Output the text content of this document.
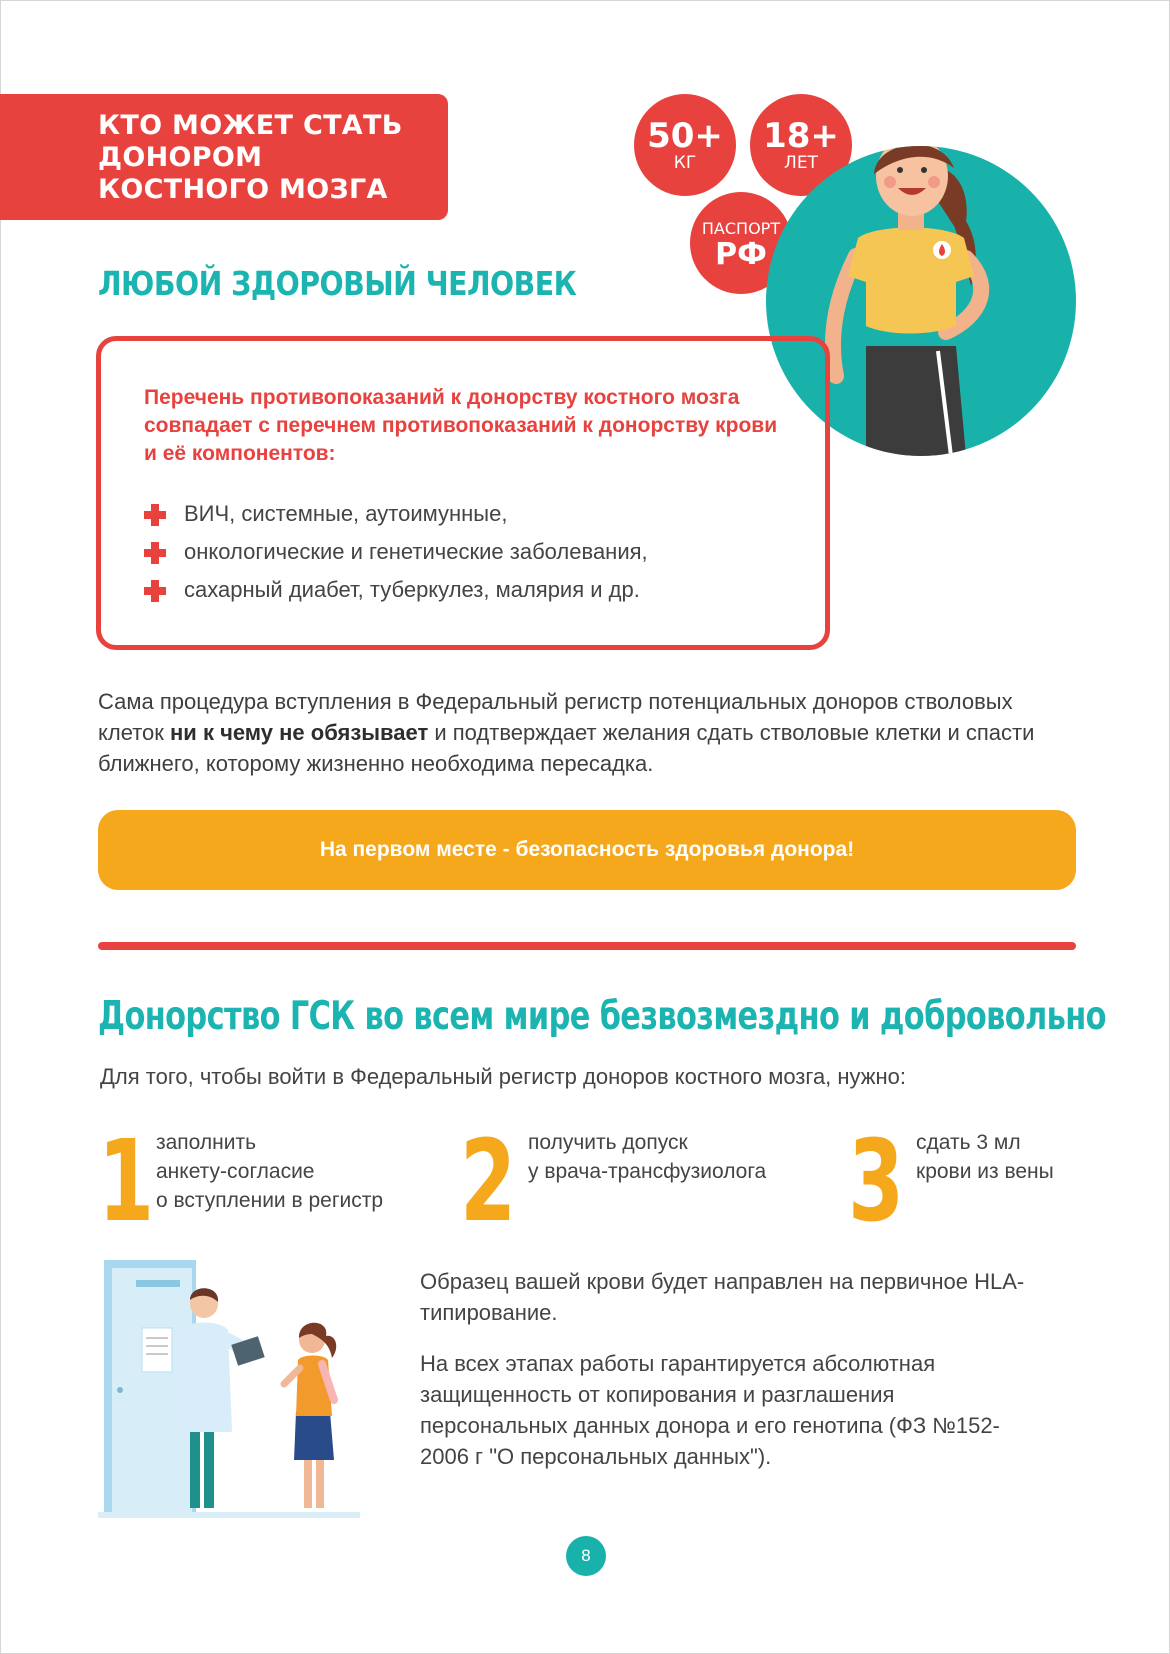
КТО МОЖЕТ СТАТЬ ДОНОРОМ КОСТНОГО МОЗГА
50+
КГ
18+
ЛЕТ
ПАСПОРТ
РФ
ЛЮБОЙ ЗДОРОВЫЙ ЧЕЛОВЕК
Перечень противопоказаний к донорству костного мозга совпадает с перечнем противопоказаний к донорству крови и её компонентов:
ВИЧ, системные, аутоимунные,
онкологические и генетические заболевания,
сахарный диабет, туберкулез, малярия и др.
Сама процедура вступления в Федеральный регистр потенциальных доноров стволовых клеток ни к чему не обязывает и подтверждает желания сдать стволовые клетки и спасти ближнего, которому жизненно необходима пересадка.
На первом месте - безопасность здоровья донора!
Донорство ГСК во всем мире безвозмездно и добровольно
Для того, чтобы войти в Федеральный регистр доноров костного мозга, нужно:
1 заполнить
анкету-согласие
о вступлении в регистр 2 получить допуск
у врача-трансфузиолога 3 сдать 3 мл
крови из вены
Образец вашей крови будет направлен на первичное HLA-типирование.
На всех этапах работы гарантируется абсолютная защищенность от копирования и разглашения персональных данных донора и его генотипа (ФЗ №152-2006 г "О персональных данных").
8
